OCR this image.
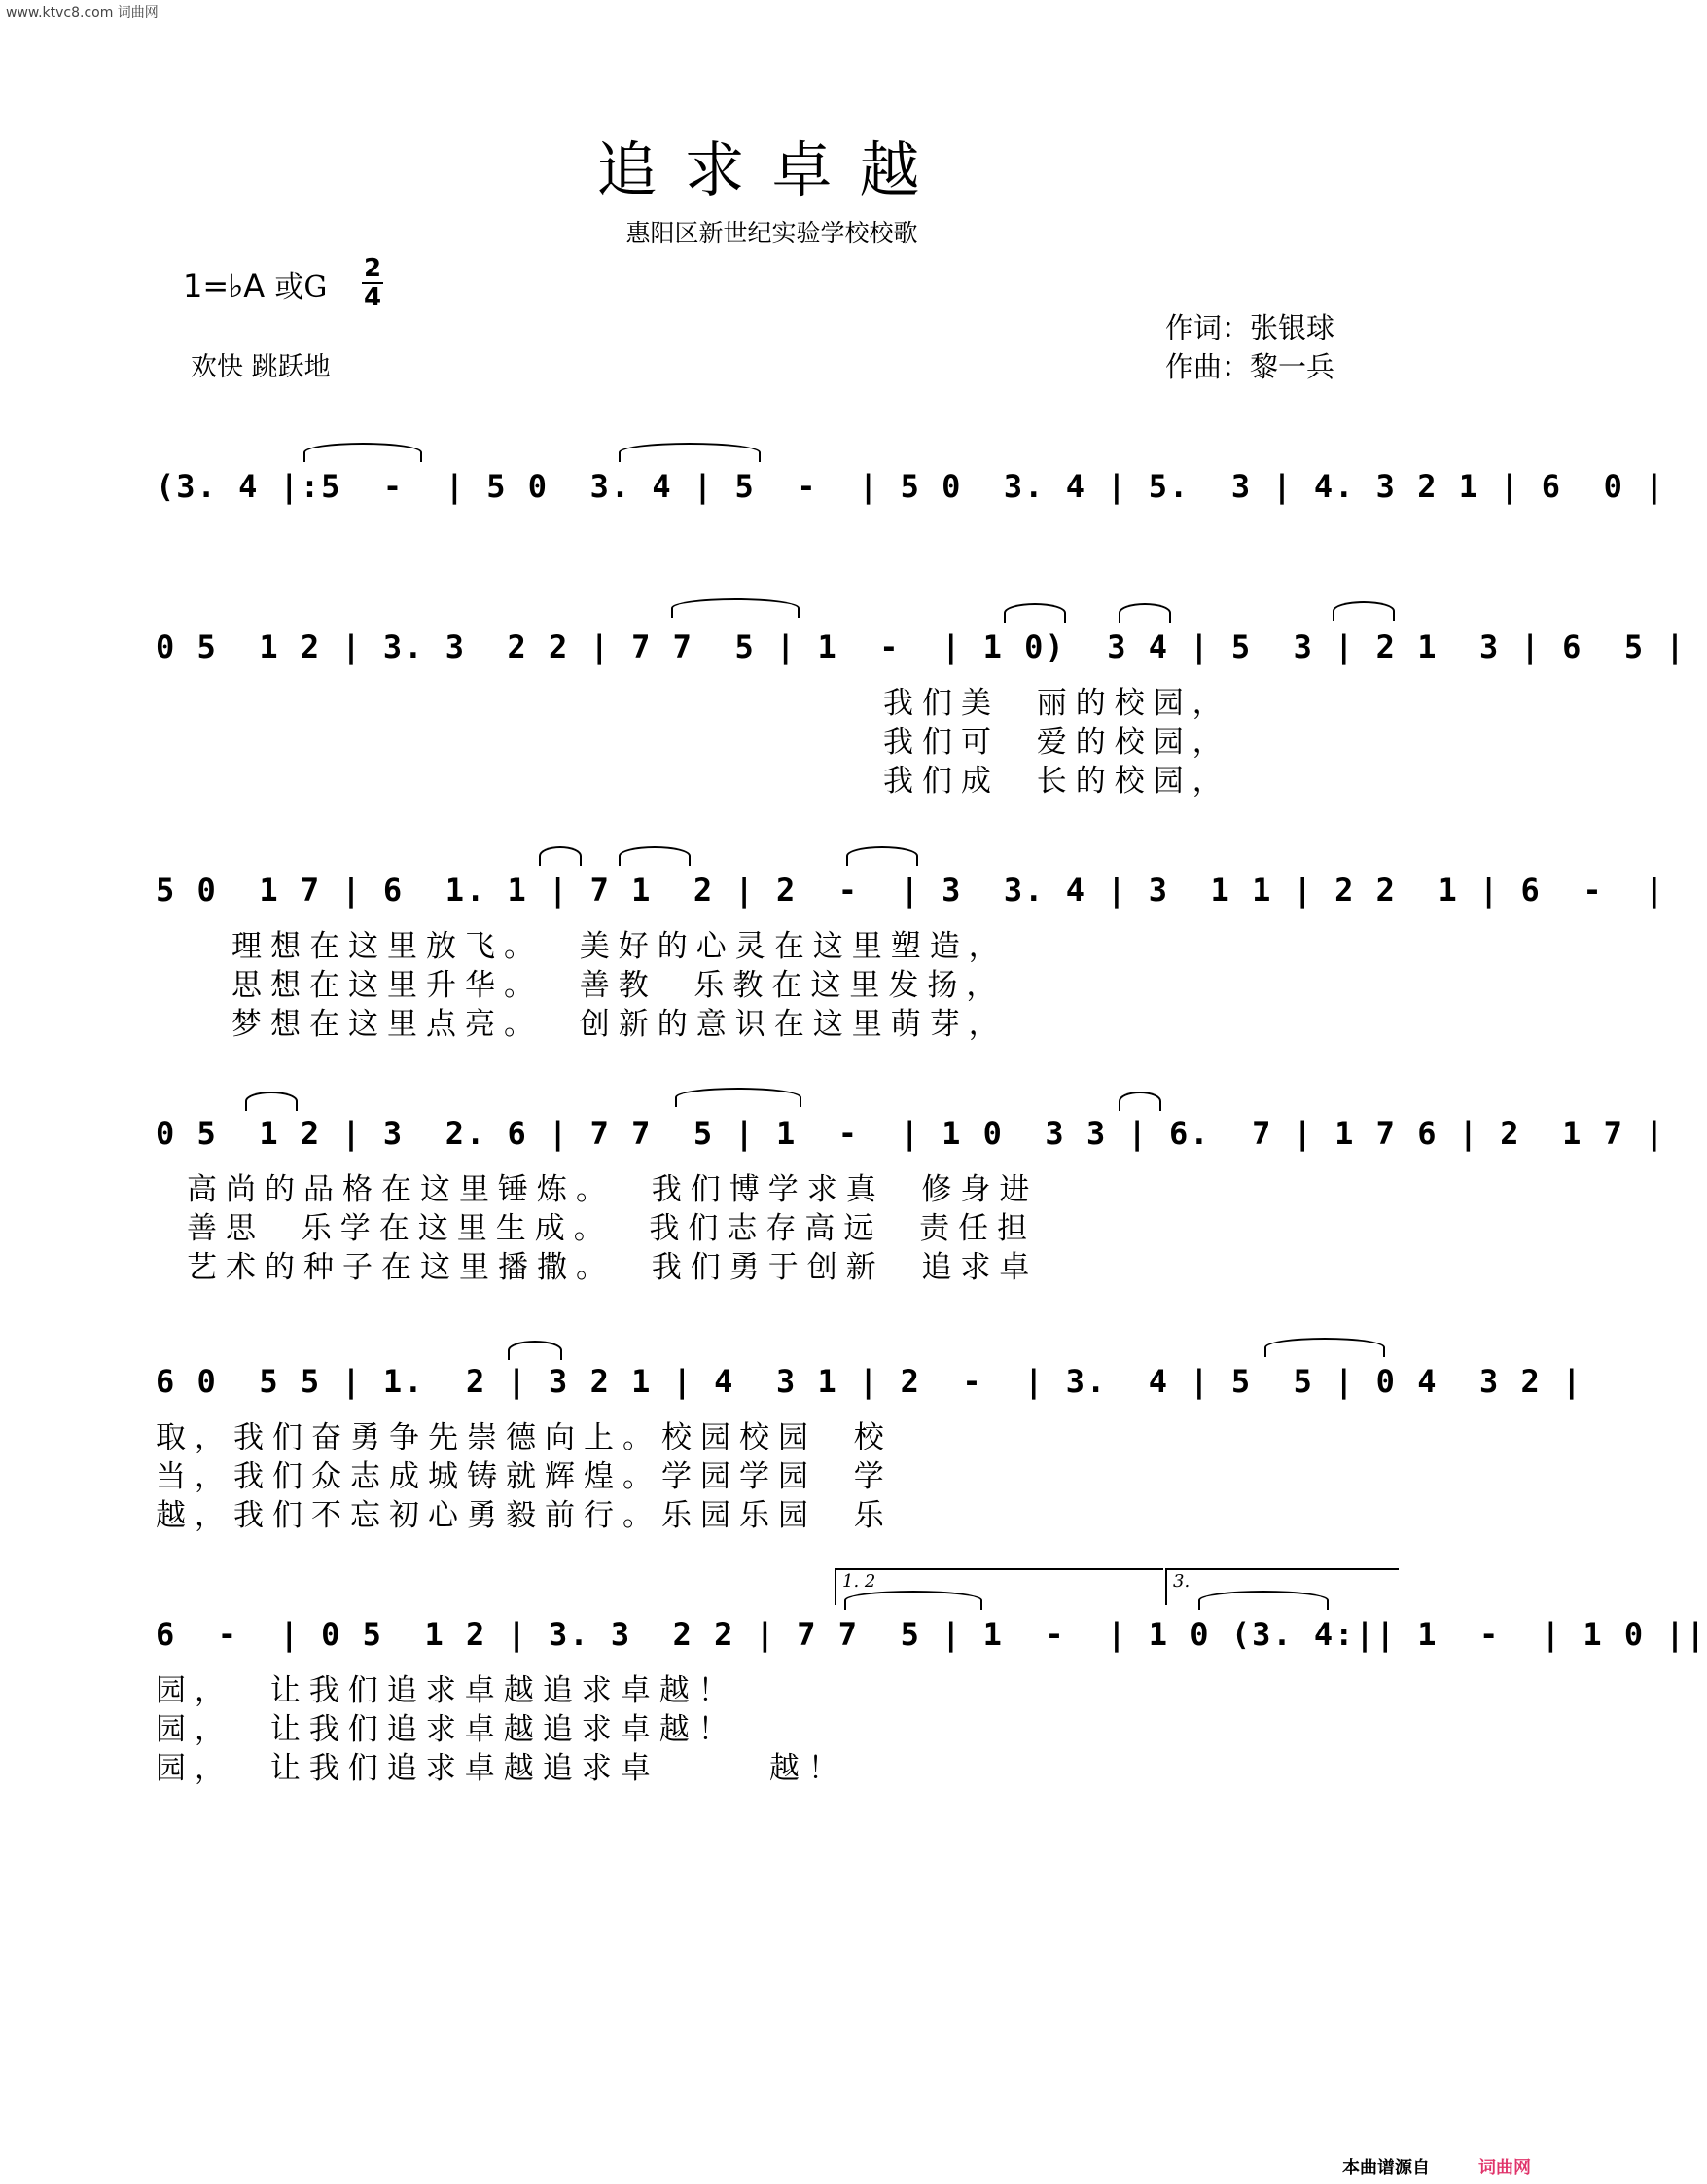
www.ktvc8.com 词曲网
追求卓越
惠阳区新世纪实验学校校歌
1=♭A 或G
2
4
欢快 跳跃地
作词：张银球
作曲：黎一兵
(3. 4 |:5  -  | 5 0  3. 4 | 5  -  | 5 0  3. 4 | 5.  3 | 4. 3 2 1 | 6  0 |
0 5  1 2 | 3. 3  2 2 | 7 7  5 | 1  -  | 1 0)  3 4 | 5  3 | 2 1  3 | 6  5 |
我们美  丽的校园，
我们可  爱的校园，
我们成  长的校园，
5 0  1 7 | 6  1. 1 | 7 1  2 | 2  -  | 3  3. 4 | 3  1 1 | 2 2  1 | 6  -  |
理想在这里放飞。  美好的心灵在这里塑造，
思想在这里升华。  善教  乐教在这里发扬，
梦想在这里点亮。  创新的意识在这里萌芽，
0 5  1 2 | 3  2. 6 | 7 7  5 | 1  -  | 1 0  3 3 | 6.  7 | 1 7 6 | 2  1 7 |
高尚的品格在这里锤炼。  我们博学求真  修身进
善思  乐学在这里生成。  我们志存高远  责任担
艺术的种子在这里播撒。  我们勇于创新  追求卓
6 0  5 5 | 1.  2 | 3 2 1 | 4  3 1 | 2  -  | 3.  4 | 5  5 | 0 4  3 2 |
取，我们奋勇争先崇德向上。校园校园  校
当，我们众志成城铸就辉煌。学园学园  学
越，我们不忘初心勇毅前行。乐园乐园  乐
1. 2	3.
6  -  | 0 5  1 2 | 3. 3  2 2 | 7 7  5 | 1  -  | 1 0 (3. 4:|| 1  -  | 1 0 ||
园，  让我们追求卓越追求卓越！
园，  让我们追求卓越追求卓越！
园，  让我们追求卓越追求卓      越！
本曲谱源自	词曲网
